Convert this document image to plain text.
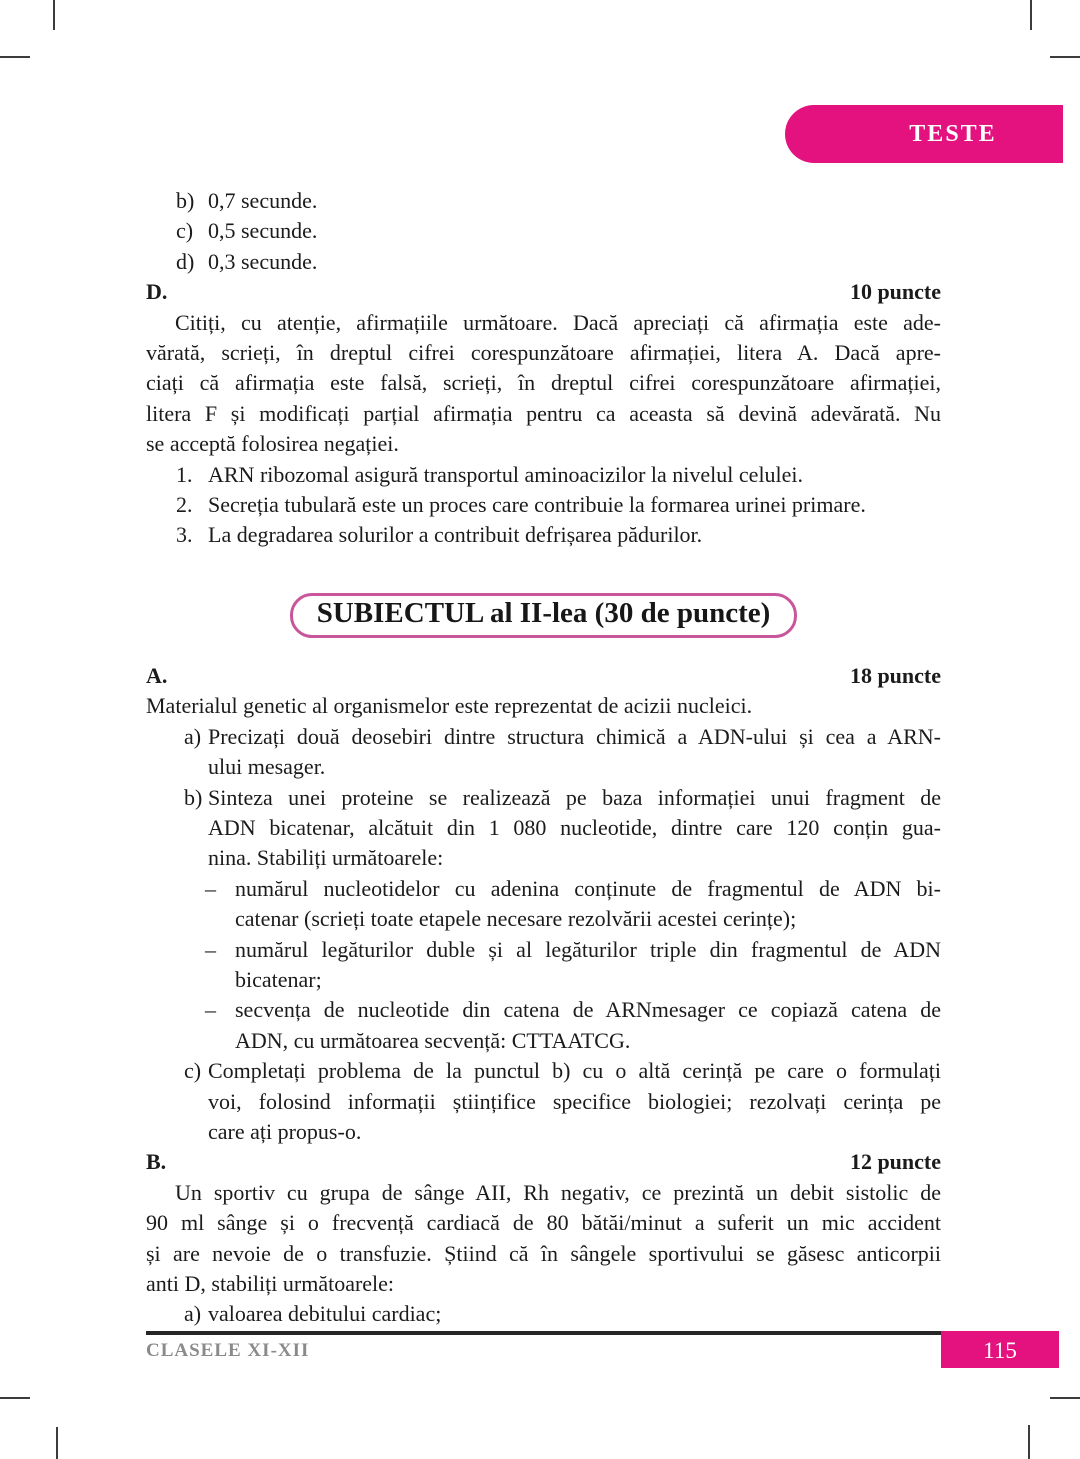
TESTE
b) 0,7 secunde.
c) 0,5 secunde.
d) 0,3 secunde.
D.	10 puncte
Citiți, cu atenție, afirmațiile următoare. Dacă apreciați că afirmația este ade-
vărată, scrieți, în dreptul cifrei corespunzătoare afirmației, litera A. Dacă apre-
ciați că afirmația este falsă, scrieți, în dreptul cifrei corespunzătoare afirmației,
litera F și modificați parțial afirmația pentru ca aceasta să devină adevărată. Nu
se acceptă folosirea negației.
1. ARN ribozomal asigură transportul aminoacizilor la nivelul celulei.
2. Secreția tubulară este un proces care contribuie la formarea urinei primare.
3. La degradarea solurilor a contribuit defrișarea pădurilor.
SUBIECTUL al II-lea (30 de puncte)
A.	18 puncte
Materialul genetic al organismelor este reprezentat de acizii nucleici.
a) Precizați două deosebiri dintre structura chimică a ADN-ului și cea a ARN-
ului mesager.
b) Sinteza unei proteine se realizează pe baza informației unui fragment de
ADN bicatenar, alcătuit din 1 080 nucleotide, dintre care 120 conțin gua-
nina. Stabiliți următoarele:
– numărul nucleotidelor cu adenina conținute de fragmentul de ADN bi-
catenar (scrieți toate etapele necesare rezolvării acestei cerințe);
– numărul legăturilor duble și al legăturilor triple din fragmentul de ADN
bicatenar;
– secvența de nucleotide din catena de ARNmesager ce copiază catena de
ADN, cu următoarea secvență: CTTAATCG.
c) Completați problema de la punctul b) cu o altă cerință pe care o formulați
voi, folosind informații științifice specifice biologiei; rezolvați cerința pe
care ați propus-o.
B.	12 puncte
Un sportiv cu grupa de sânge AII, Rh negativ, ce prezintă un debit sistolic de
90 ml sânge și o frecvență cardiacă de 80 bătăi/minut a suferit un mic accident
și are nevoie de o transfuzie. Știind că în sângele sportivului se găsesc anticorpii
anti D, stabiliți următoarele:
a) valoarea debitului cardiac;
115
CLASELE XI-XII
